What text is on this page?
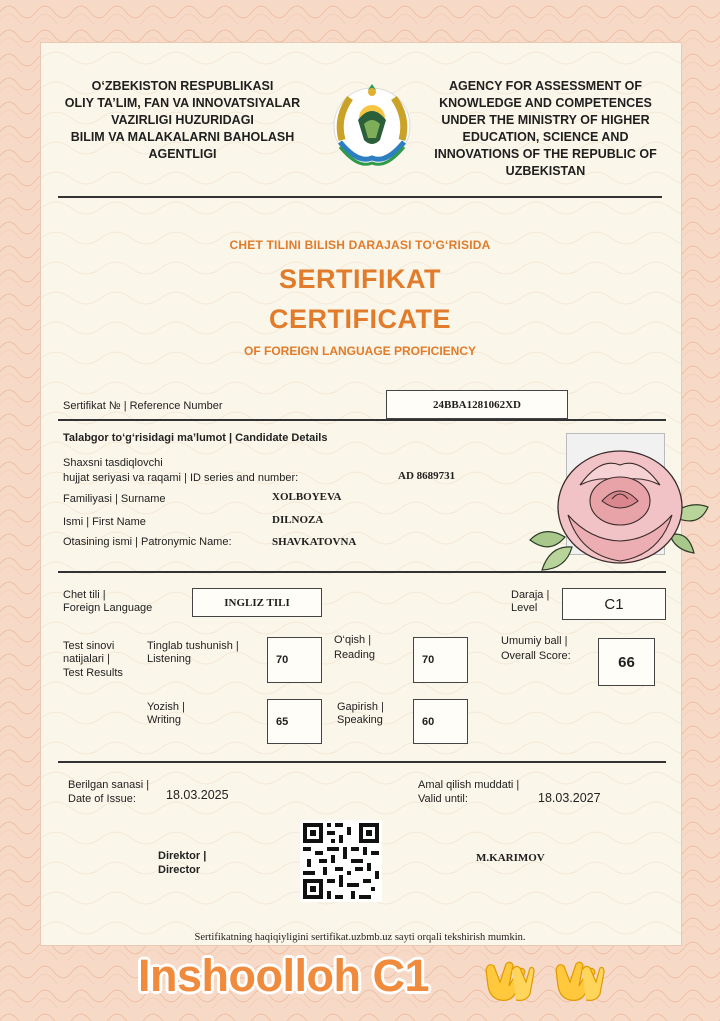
O‘ZBEKISTON RESPUBLIKASI
OLIY TA’LIM, FAN VA INNOVATSIYALAR
VAZIRLIGI HUZURIDAGI
BILIM VA MALAKALARNI BAHOLASH
AGENTLIGI
AGENCY FOR ASSESSMENT OF
KNOWLEDGE AND COMPETENCES
UNDER THE MINISTRY OF HIGHER
EDUCATION, SCIENCE AND
INNOVATIONS OF THE REPUBLIC OF
UZBEKISTAN
CHET TILINI BILISH DARAJASI TO‘G‘RISIDA
SERTIFIKAT
CERTIFICATE
OF FOREIGN LANGUAGE PROFICIENCY
Sertifikat № | Reference Number	24BBA1281062XD
Talabgor to‘g‘risidagi ma’lumot | Candidate Details
Shaxsni tasdiqlovchi
hujjat seriyasi va raqami | ID series and number:	AD 8689731
Familiyasi | Surname	XOLBOYEVA
Ismi | First Name	DILNOZA
Otasining ismi | Patronymic Name:	SHAVKATOVNA
Chet tili |
Foreign Language	INGLIZ TILI
Daraja |
Level	C1
Test sinovi
natijalari |
Test Results
Tinglab tushunish |
Listening	70
O‘qish |
Reading	70
Umumiy ball |
Overall Score:	66
Yozish |
Writing	65
Gapirish |
Speaking	60
Berilgan sanasi |
Date of Issue: 18.03.2025
Amal qilish muddati |
Valid until:	18.03.2027
Direktor |
Director
M.KARIMOV
Sertifikatning haqiqiyligini sertifikat.uzbmb.uz sayti orqali tekshirish mumkin.
Inshoolloh C1
